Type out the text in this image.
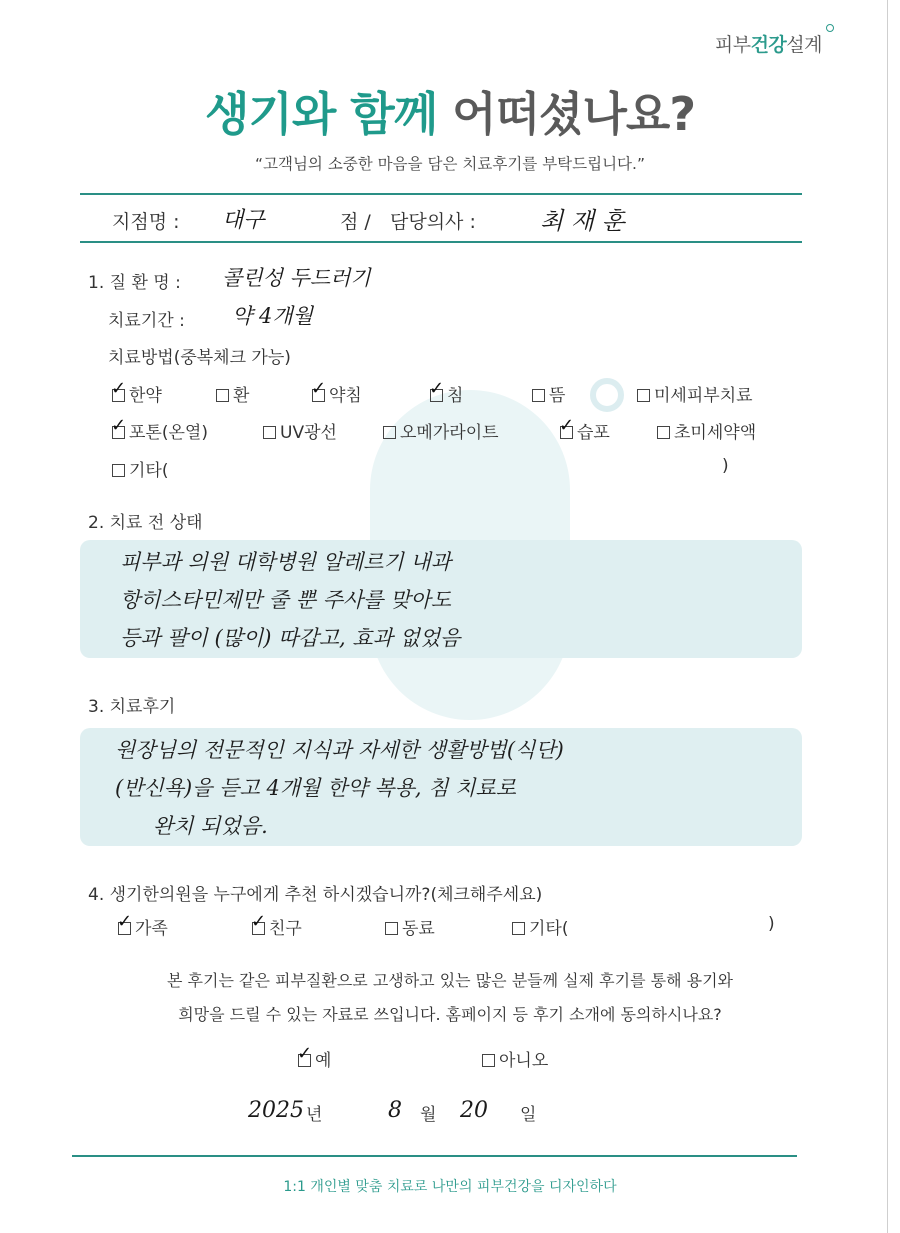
피부건강설계
생기와 함께 어떠셨나요?
“고객님의 소중한 마음을 담은 치료후기를 부탁드립니다.”
지점명 : 대구	점 / 담당의사 :	최 재 훈
1. 질 환 명 : 콜린성 두드러기
치료기간 : 약 4개월
치료방법(중복체크 가능)
✓한약	환 ✓	약침 ✓	침	뜸	미세피부치료
✓포톤(온열)	UV광선	오메가라이트 ✓	습포	초미세약액
기타(	)
2. 치료 전 상태
피부과 의원 대학병원 알레르기 내과
항히스타민제만 줄 뿐 주사를 맞아도
등과 팔이 (많이) 따갑고, 효과 없었음
3. 치료후기
원장님의 전문적인 지식과 자세한 생활방법(식단)
(반신욕)을 듣고 4개월 한약 복용, 침 치료로
완치 되었음.
4. 생기한의원을 누구에게 추천 하시겠습니까?(체크해주세요)
✓가족 ✓	친구	동료	기타(	)
본 후기는 같은 피부질환으로 고생하고 있는 많은 분들께 실제 후기를 통해 용기와
희망을 드릴 수 있는 자료로 쓰입니다. 홈페이지 등 후기 소개에 동의하시나요?
✓예	아니오
2025 년	8 월 20 일
1:1 개인별 맞춤 치료로 나만의 피부건강을 디자인하다
